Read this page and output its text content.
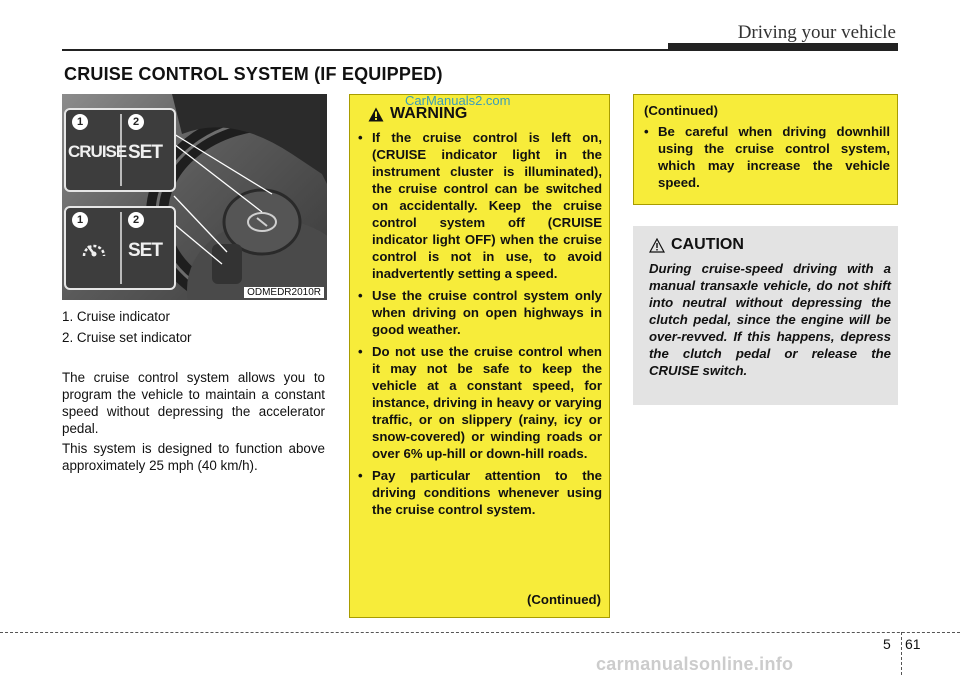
Driving your vehicle
CRUISE CONTROL SYSTEM (IF EQUIPPED)
1	2
CRUISE SET
1	2
SET
ODMEDR2010R

1. Cruise indicator

2. Cruise set indicator

The cruise control system allows you to program the vehicle to maintain a constant speed without depressing the accelerator pedal.

This system is designed to function above approximately 25 mph (40 km/h).

WARNING
• If the cruise control is left on, (CRUISE indicator light in the instrument cluster is illuminated), the cruise control can be switched on accidentally. Keep the cruise control system off (CRUISE indicator light OFF) when the cruise control is not in use, to avoid inadvertently setting a speed.
• Use the cruise control system only when driving on open highways in good weather.
• Do not use the cruise control when it may not be safe to keep the vehicle at a constant speed, for instance, driving in heavy or varying traffic, or on slippery (rainy, icy or snow-covered) or winding roads or over 6% up-hill or down-hill roads.
• Pay particular attention to the driving conditions whenever using the cruise control system.
(Continued)
CarManuals2.com
(Continued)
• Be careful when driving downhill using the cruise control system, which may increase the vehicle speed.
CAUTION
During cruise-speed driving with a manual transaxle vehicle, do not shift into neutral without depressing the clutch pedal, since the engine will be over-revved. If this happens, depress the clutch pedal or release the CRUISE switch.
5 61
carmanualsonline.info
